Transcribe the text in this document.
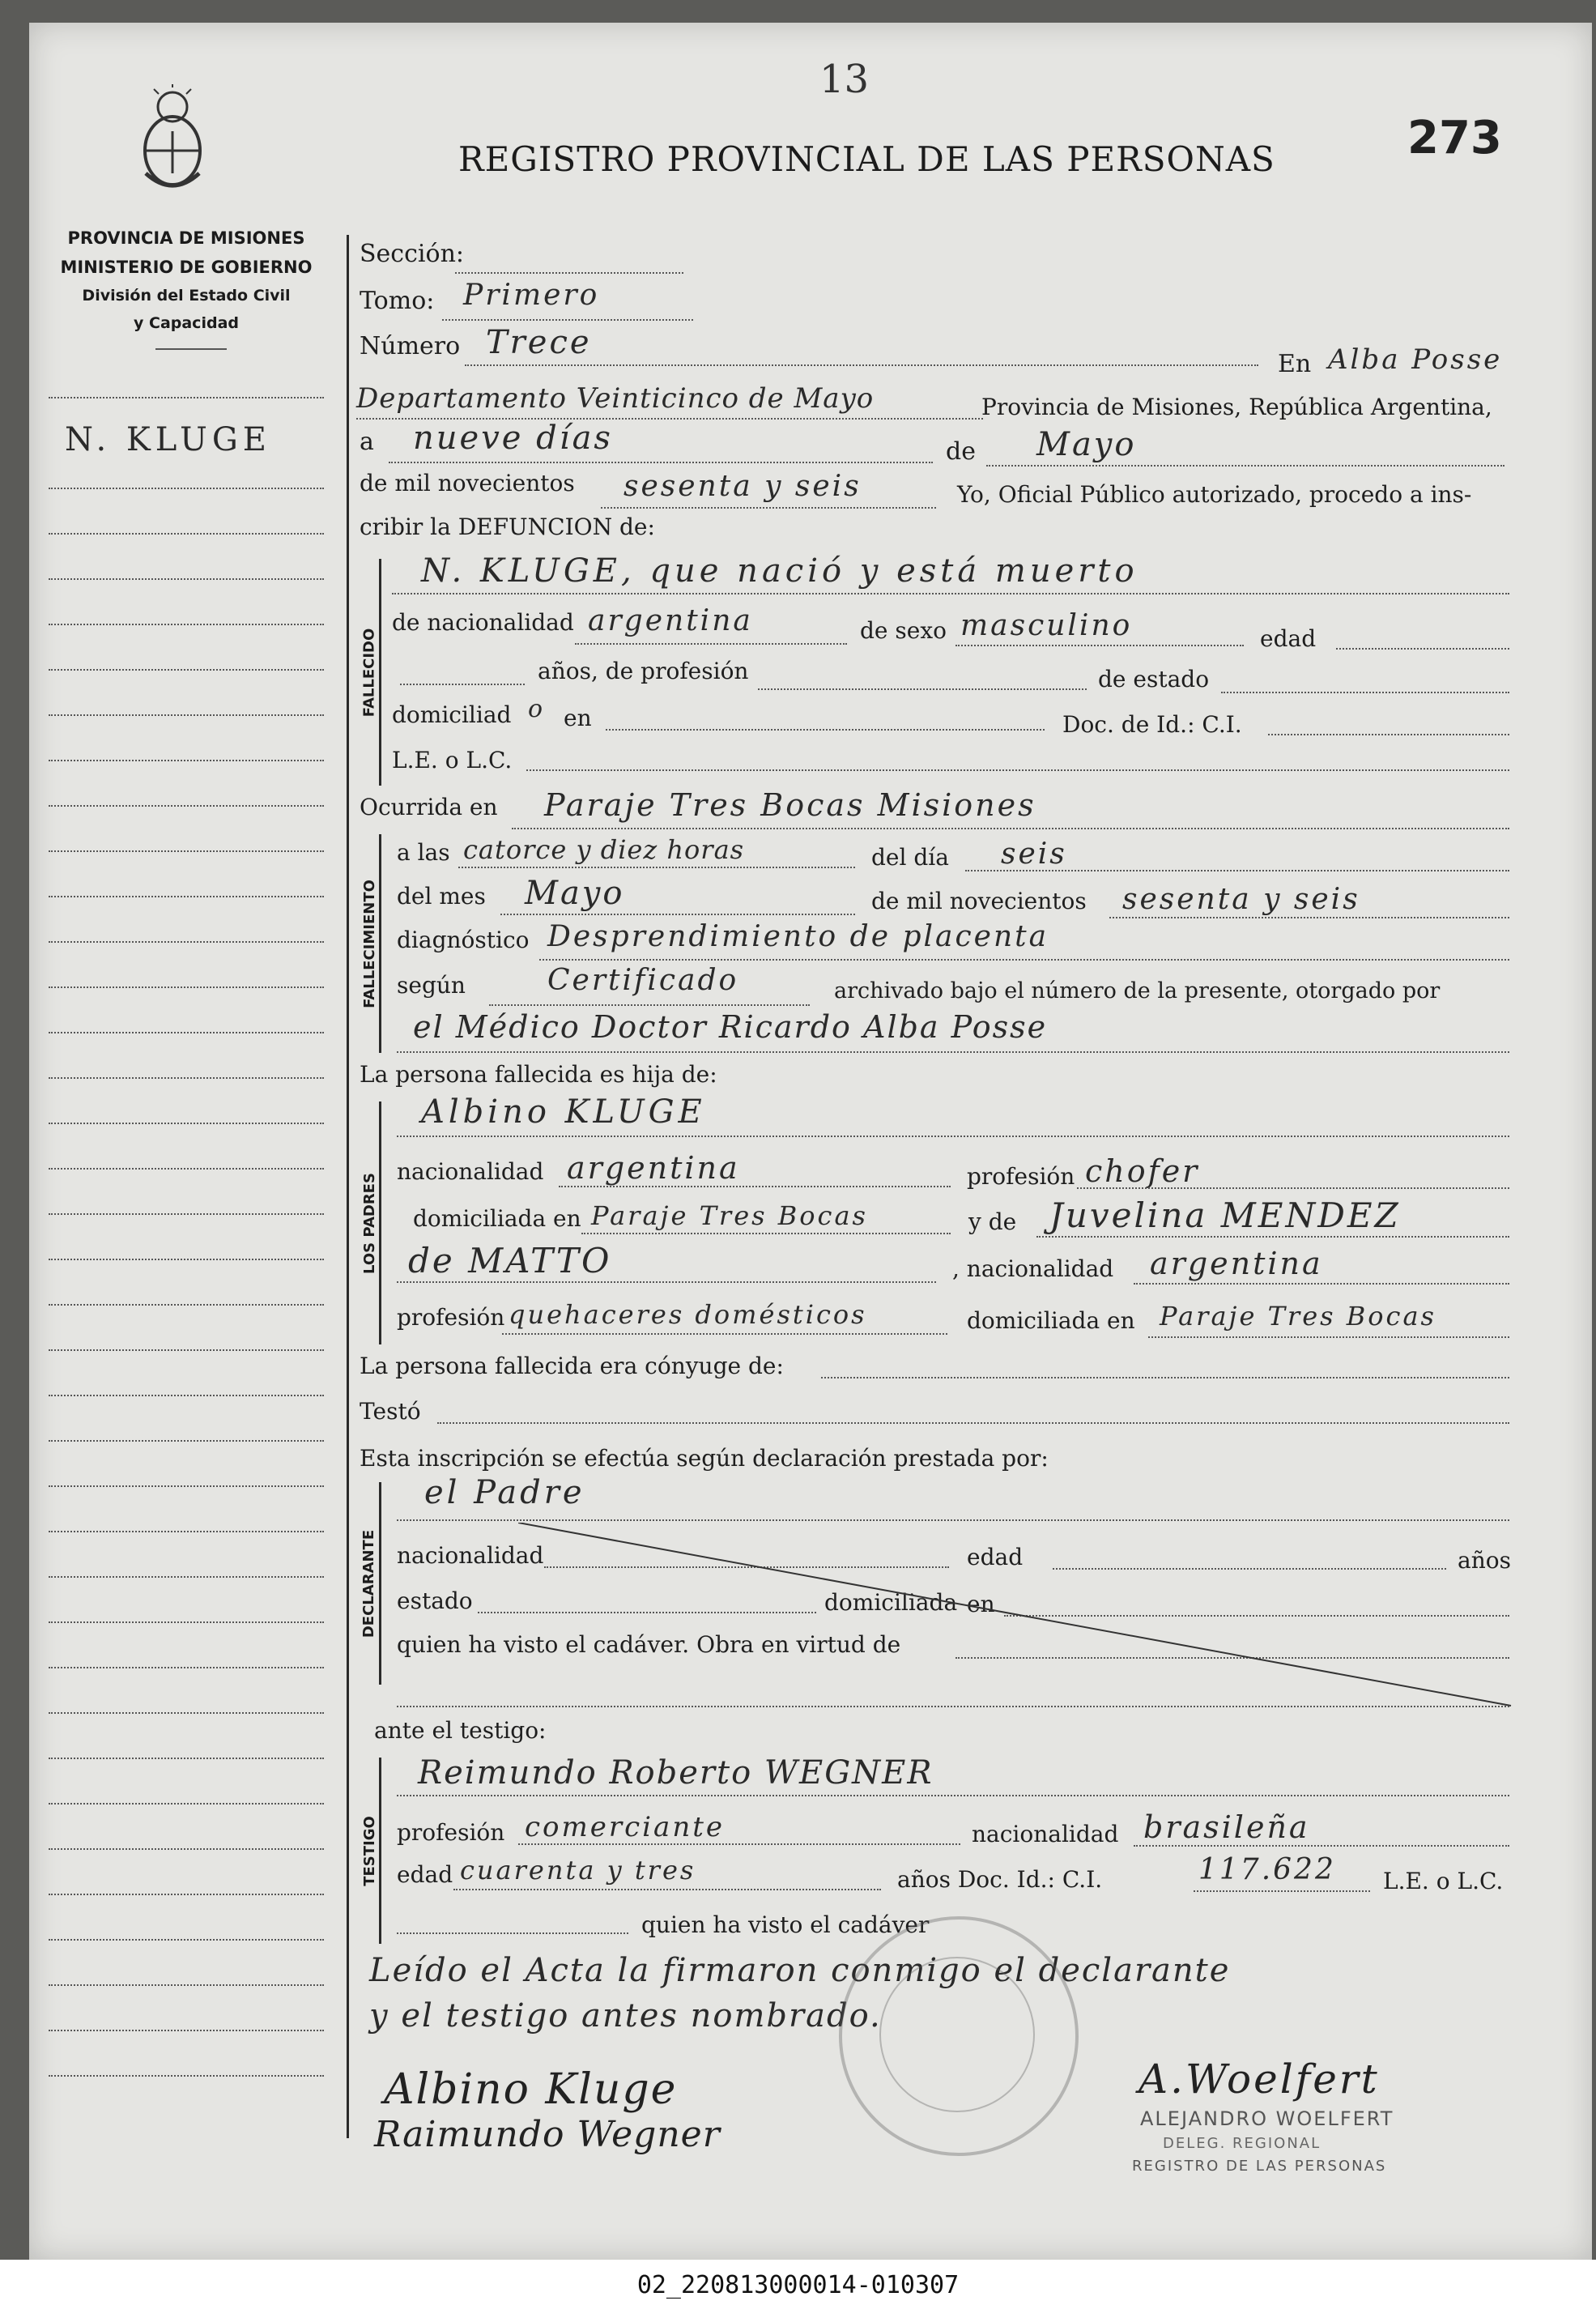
13
273
REGISTRO PROVINCIAL DE LAS PERSONAS
PROVINCIA DE MISIONES
MINISTERIO DE GOBIERNO
División del Estado Civil
y Capacidad
N. KLUGE
Sección:
Tomo: Primero
Número Trece
En Alba Posse
Departamento Veinticinco de Mayo	Provincia de Misiones, República Argentina,
a nueve días	de Mayo
de mil novecientos sesenta y seis	Yo, Oficial Público autorizado, procedo a ins-
cribir la DEFUNCION de:
FALLECIDO
N. KLUGE, que nació y está muerto
de nacionalidad argentina	de sexo masculino	edad
años, de profesión	de estado
domiciliad o en	Doc. de Id.: C.I.
L.E. o L.C.
Ocurrida en Paraje Tres Bocas Misiones
FALLECIMIENTO
a las catorce y diez horas	del día seis
del mes Mayo	de mil novecientos sesenta y seis
diagnóstico Desprendimiento de placenta
según	Certificado	archivado bajo el número de la presente, otorgado por
el Médico Doctor Ricardo Alba Posse
La persona fallecida es hija de:
LOS PADRES
Albino KLUGE
nacionalidad argentina	profesión chofer
domiciliada en Paraje Tres Bocas	y de Juvelina MENDEZ
de MATTO	, nacionalidad argentina
profesión quehaceres domésticos	domiciliada en Paraje Tres Bocas
La persona fallecida era cónyuge de:
Testó
Esta inscripción se efectúa según declaración prestada por:
DECLARANTE
el Padre
nacionalidad	edad	años
estado	domiciliada en
quien ha visto el cadáver. Obra en virtud de
ante el testigo:
TESTIGO
Reimundo Roberto WEGNER
profesión comerciante	nacionalidad brasileña
edad cuarenta y tres	años Doc. Id.: C.I.	117.622 L.E. o L.C.
quien ha visto el cadáver
Leído el Acta la firmaron conmigo el declarante
y el testigo antes nombrado.
Albino Kluge
Raimundo Wegner
A.Woelfert
ALEJANDRO WOELFERT
DELEG. REGIONAL
REGISTRO DE LAS PERSONAS
02_220813000014-010307
